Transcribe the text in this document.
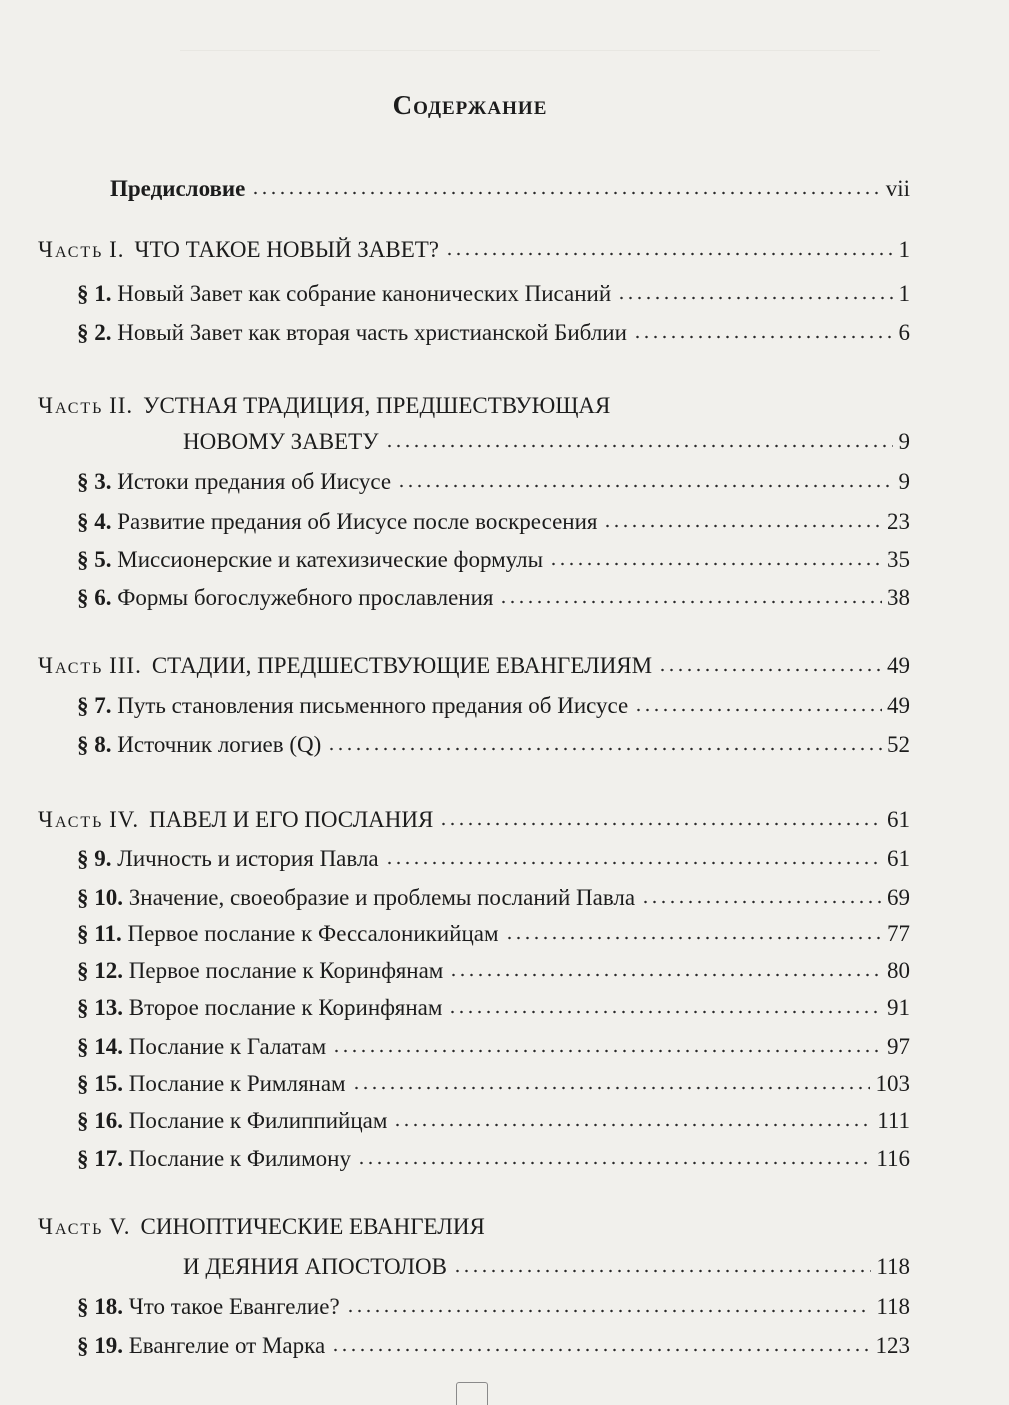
Содержание
Предисловие	vii
Часть I. ЧТО ТАКОЕ НОВЫЙ ЗАВЕТ?	1
§ 1. Новый Завет как собрание канонических Писаний	1
§ 2. Новый Завет как вторая часть христианской Библии	6
Часть II. УСТНАЯ ТРАДИЦИЯ, ПРЕДШЕСТВУЮЩАЯ
НОВОМУ ЗАВЕТУ	9
§ 3. Истоки предания об Иисусе	9
§ 4. Развитие предания об Иисусе после воскресения	23
§ 5. Миссионерские и катехизические формулы	35
§ 6. Формы богослужебного прославления	38
Часть III. СТАДИИ, ПРЕДШЕСТВУЮЩИЕ ЕВАНГЕЛИЯМ	49
§ 7. Путь становления письменного предания об Иисусе	49
§ 8. Источник логиев (Q)	52
Часть IV. ПАВЕЛ И ЕГО ПОСЛАНИЯ	61
§ 9. Личность и история Павла	61
§ 10. Значение, своеобразие и проблемы посланий Павла	69
§ 11. Первое послание к Фессалоникийцам	77
§ 12. Первое послание к Коринфянам	80
§ 13. Второе послание к Коринфянам	91
§ 14. Послание к Галатам	97
§ 15. Послание к Римлянам	103
§ 16. Послание к Филиппийцам	111
§ 17. Послание к Филимону	116
Часть V. СИНОПТИЧЕСКИЕ ЕВАНГЕЛИЯ
И ДЕЯНИЯ АПОСТОЛОВ	118
§ 18. Что такое Евангелие?	118
§ 19. Евангелие от Марка	123
